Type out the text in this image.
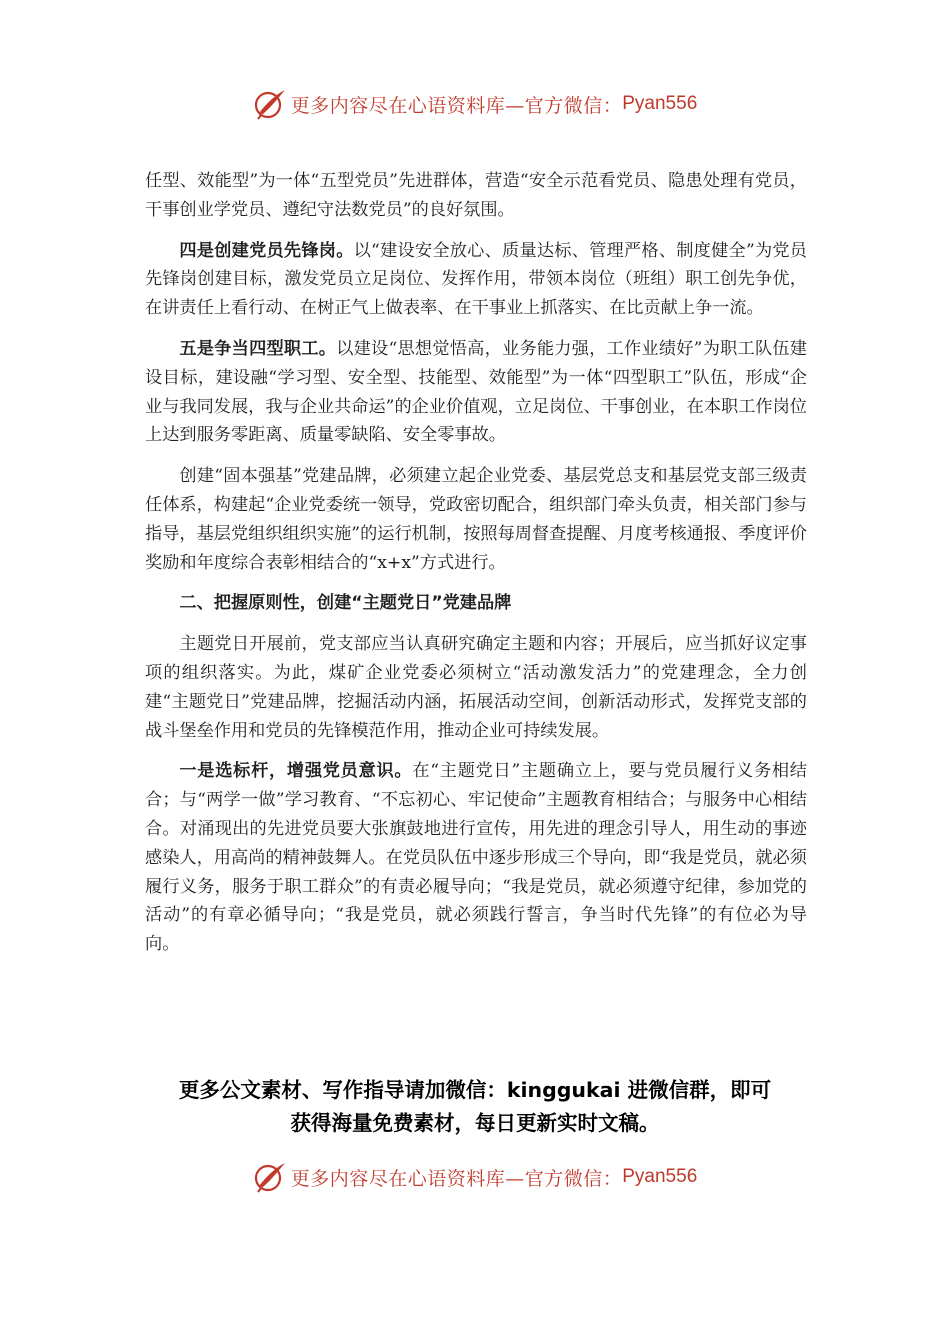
更多内容尽在心语资料库—官方微信： Pyan556

任型、效能型”为一体“五型党员”先进群体，营造“安全示范看党员、隐患处理有党员，干事创业学党员、遵纪守法数党员”的良好氛围。

四是创建党员先锋岗。以“建设安全放心、质量达标、管理严格、制度健全”为党员先锋岗创建目标，激发党员立足岗位、发挥作用，带领本岗位（班组）职工创先争优，在讲责任上看行动、在树正气上做表率、在干事业上抓落实、在比贡献上争一流。

五是争当四型职工。以建设“思想觉悟高，业务能力强，工作业绩好”为职工队伍建设目标，建设融“学习型、安全型、技能型、效能型”为一体“四型职工”队伍，形成“企业与我同发展，我与企业共命运”的企业价值观，立足岗位、干事创业，在本职工作岗位上达到服务零距离、质量零缺陷、安全零事故。

创建“固本强基”党建品牌，必须建立起企业党委、基层党总支和基层党支部三级责任体系，构建起“企业党委统一领导，党政密切配合，组织部门牵头负责，相关部门参与指导，基层党组织组织实施”的运行机制，按照每周督查提醒、月度考核通报、季度评价奖励和年度综合表彰相结合的“x+x”方式进行。

二、把握原则性，创建“主题党日”党建品牌

主题党日开展前，党支部应当认真研究确定主题和内容；开展后，应当抓好议定事项的组织落实。为此，煤矿企业党委必须树立“活动激发活力”的党建理念，全力创建“主题党日”党建品牌，挖掘活动内涵，拓展活动空间，创新活动形式，发挥党支部的战斗堡垒作用和党员的先锋模范作用，推动企业可持续发展。

一是选标杆，增强党员意识。在“主题党日”主题确立上，要与党员履行义务相结合；与“两学一做”学习教育、“不忘初心、牢记使命”主题教育相结合；与服务中心相结合。对涌现出的先进党员要大张旗鼓地进行宣传，用先进的理念引导人，用生动的事迹感染人，用高尚的精神鼓舞人。在党员队伍中逐步形成三个导向，即“我是党员，就必须履行义务，服务于职工群众”的有责必履导向；“我是党员，就必须遵守纪律，参加党的活动”的有章必循导向；“我是党员，就必须践行誓言，争当时代先锋”的有位必为导向。

更多公文素材、写作指导请加微信：kinggukai 进微信群，即可
获得海量免费素材，每日更新实时文稿。
更多内容尽在心语资料库—官方微信： Pyan556
